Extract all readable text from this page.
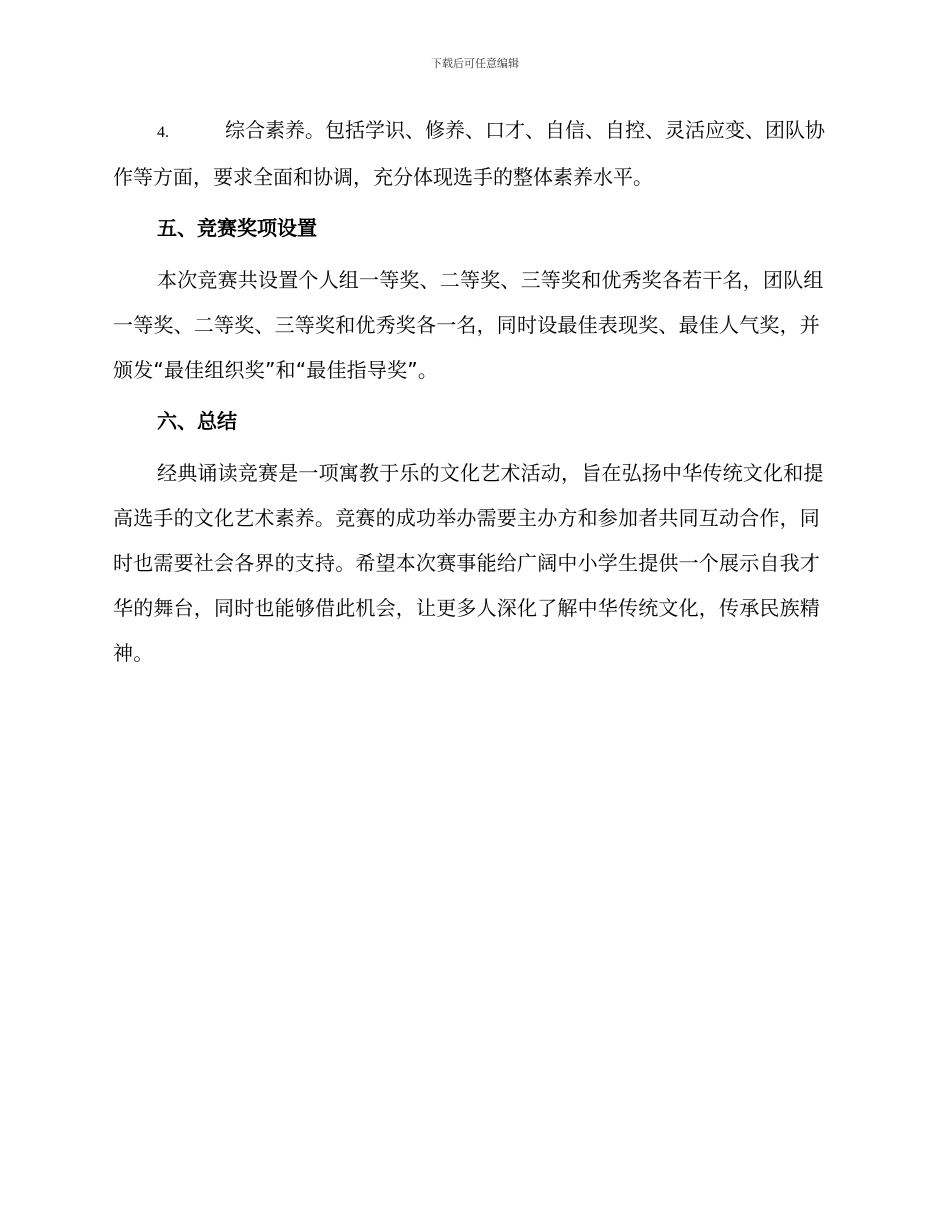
下载后可任意编辑

4.	综合素养。包括学识、修养、口才、自信、自控、灵活应变、团队协作等方面，要求全面和协调，充分体现选手的整体素养水平。

五、竞赛奖项设置

本次竞赛共设置个人组一等奖、二等奖、三等奖和优秀奖各若干名，团队组一等奖、二等奖、三等奖和优秀奖各一名，同时设最佳表现奖、最佳人气奖，并颁发“最佳组织奖”和“最佳指导奖”。

六、总结

经典诵读竞赛是一项寓教于乐的文化艺术活动，旨在弘扬中华传统文化和提高选手的文化艺术素养。竞赛的成功举办需要主办方和参加者共同互动合作，同时也需要社会各界的支持。希望本次赛事能给广阔中小学生提供一个展示自我才华的舞台，同时也能够借此机会，让更多人深化了解中华传统文化，传承民族精神。
